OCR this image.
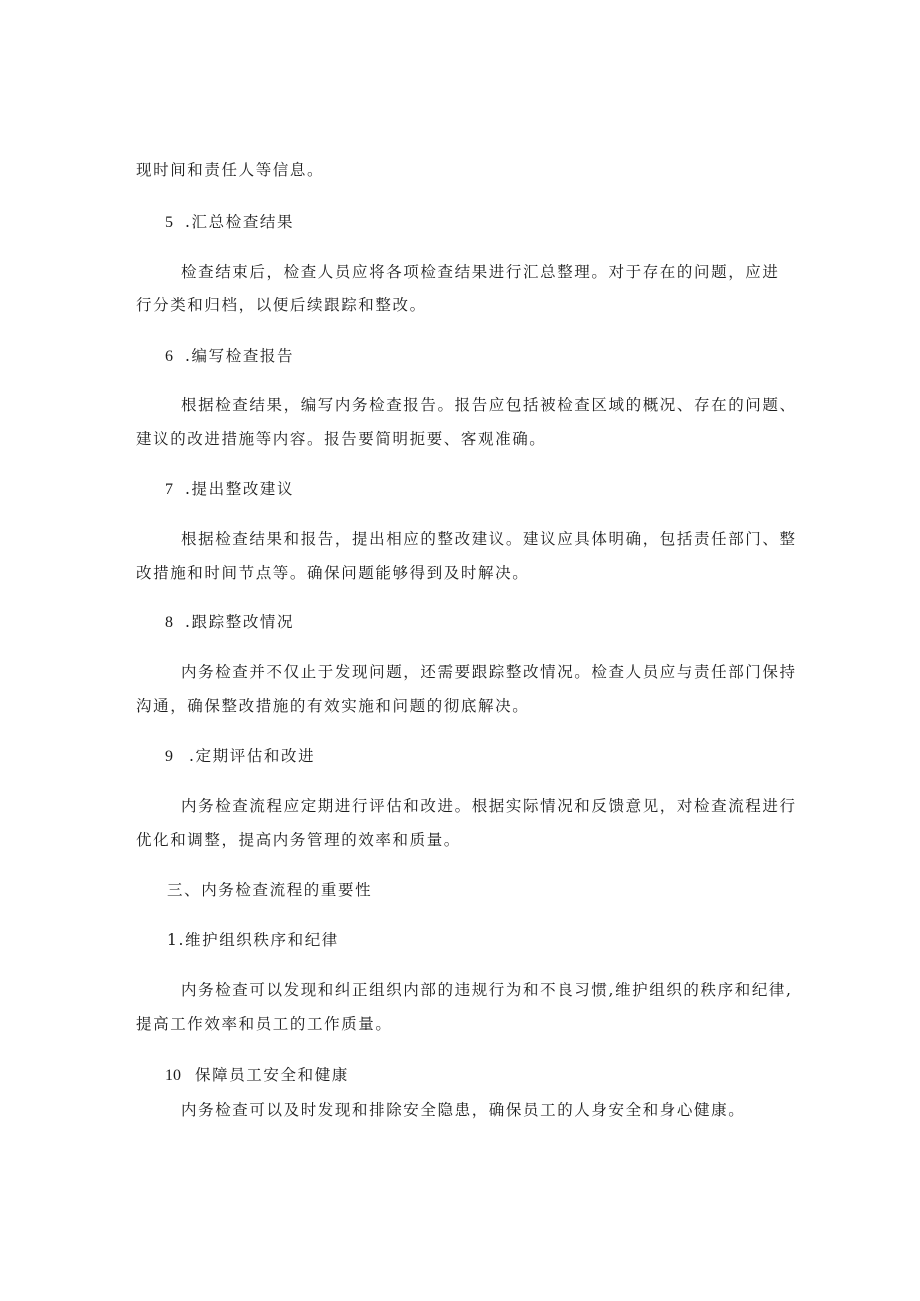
现时间和责任人等信息。
5 .汇总检查结果
检查结束后，检查人员应将各项检查结果进行汇总整理。对于存在的问题，应进
行分类和归档，以便后续跟踪和整改。
6 .编写检查报告
根据检查结果，编写内务检查报告。报告应包括被检查区域的概况、存在的问题、
建议的改进措施等内容。报告要简明扼要、客观准确。
7 .提出整改建议
根据检查结果和报告，提出相应的整改建议。建议应具体明确，包括责任部门、整
改措施和时间节点等。确保问题能够得到及时解决。
8 .跟踪整改情况
内务检查并不仅止于发现问题，还需要跟踪整改情况。检查人员应与责任部门保持
沟通，确保整改措施的有效实施和问题的彻底解决。
9 .定期评估和改进
内务检查流程应定期进行评估和改进。根据实际情况和反馈意见，对检查流程进行
优化和调整，提高内务管理的效率和质量。
三、内务检查流程的重要性
1.维护组织秩序和纪律
内务检查可以发现和纠正组织内部的违规行为和不良习惯,维护组织的秩序和纪律,
提高工作效率和员工的工作质量。
10 保障员工安全和健康
内务检查可以及时发现和排除安全隐患，确保员工的人身安全和身心健康。
